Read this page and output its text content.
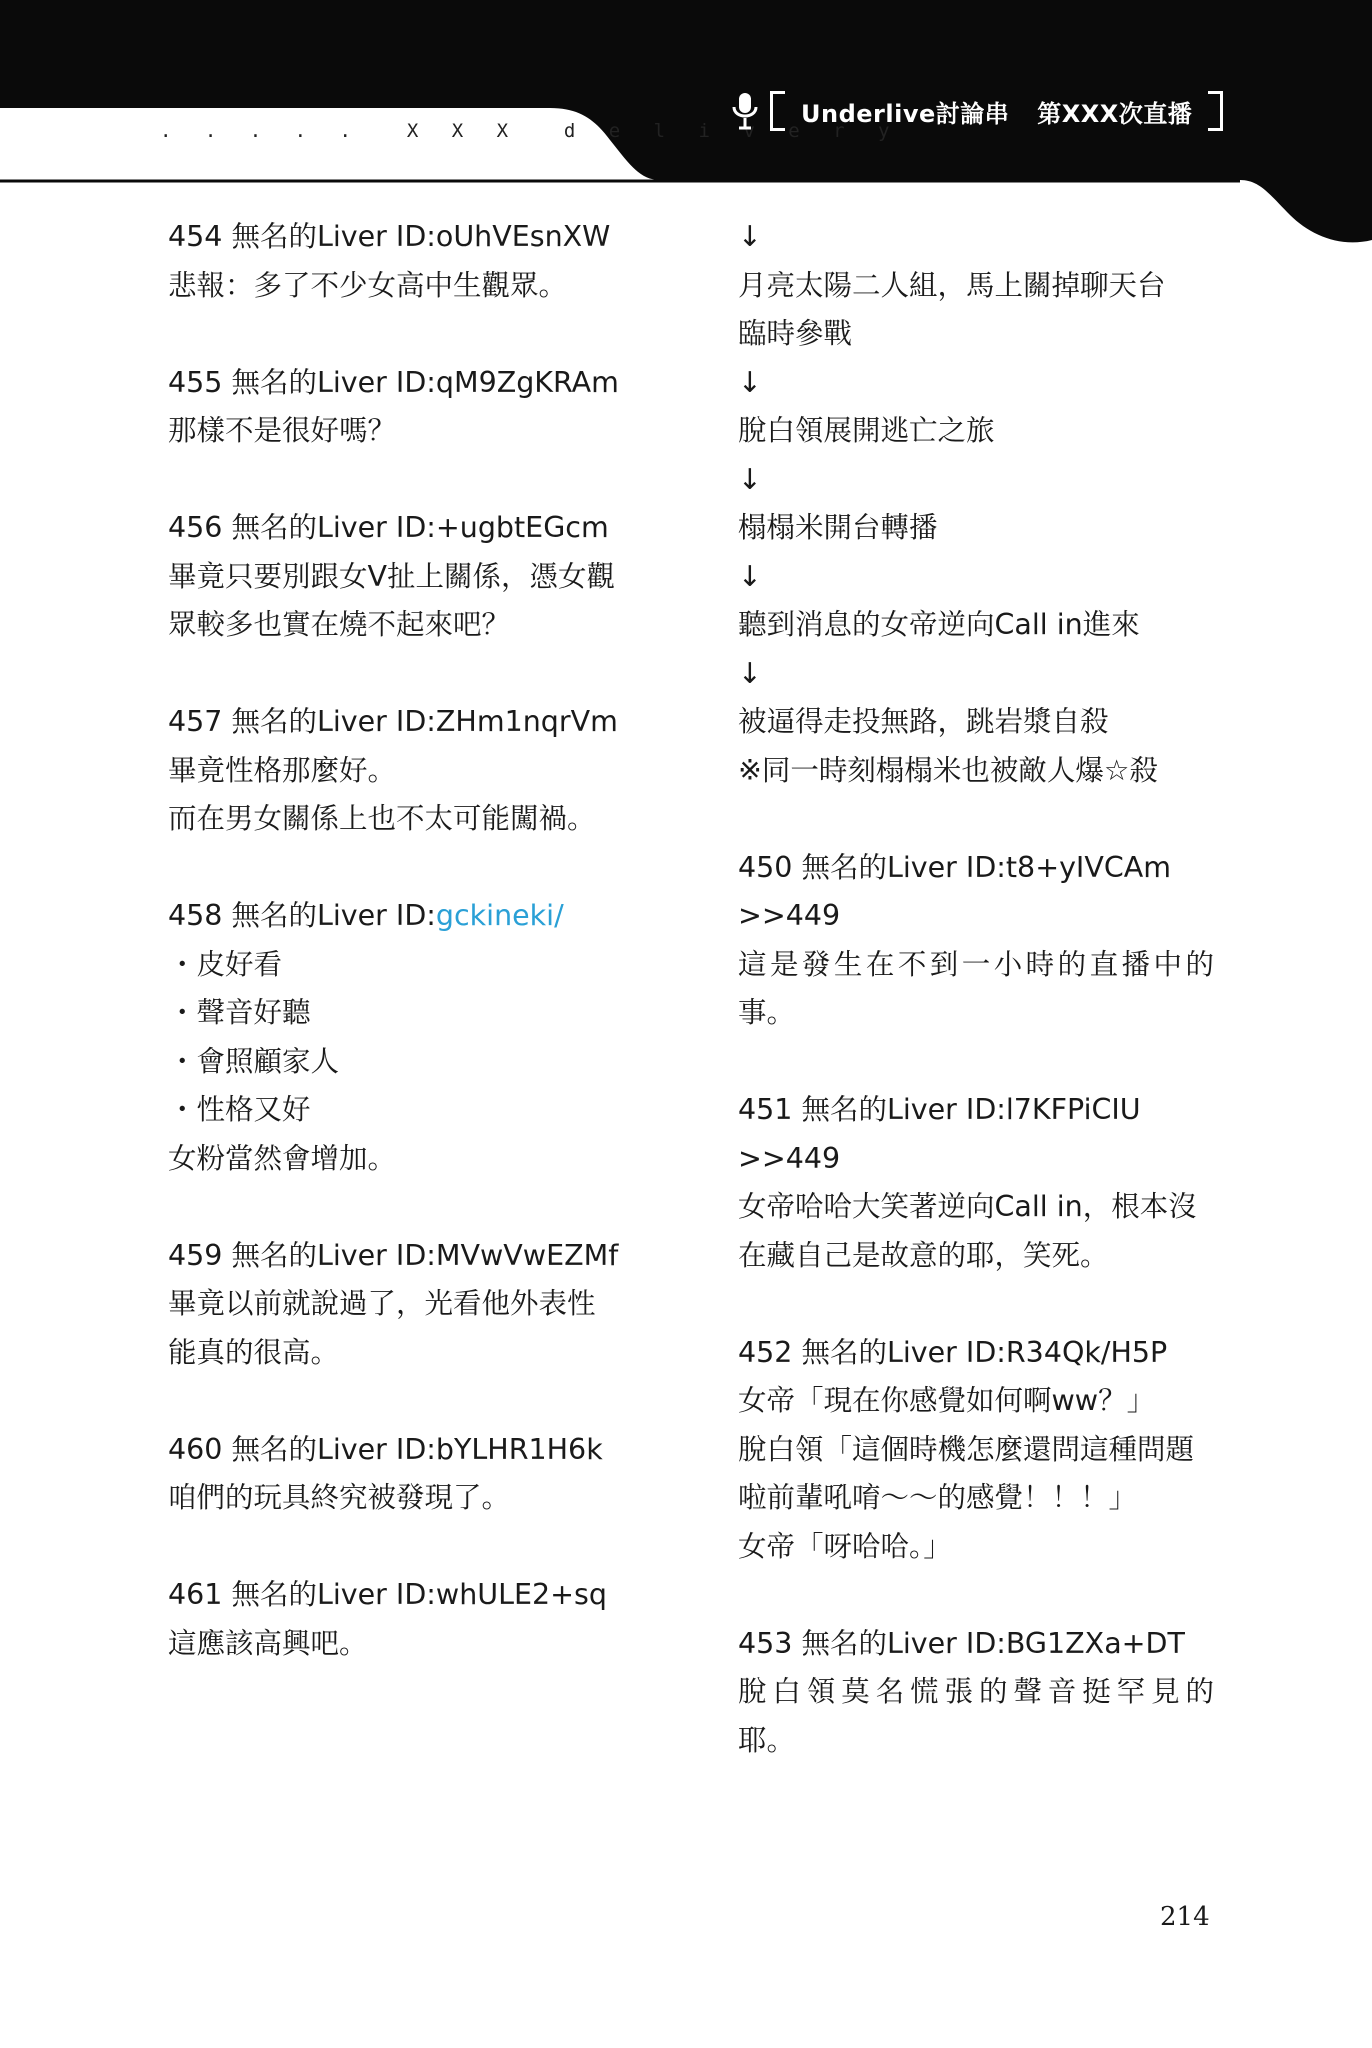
. . . . .  X X X  d e l i v e r y
Underlive討論串 第XXX次直播
454 無名的Liver ID:oUhVEsnXW
悲報：多了不少女高中生觀眾。
455 無名的Liver ID:qM9ZgKRAm
那樣不是很好嗎？
456 無名的Liver ID:+ugbtEGcm
畢竟只要別跟女V扯上關係，憑女觀
眾較多也實在燒不起來吧？
457 無名的Liver ID:ZHm1nqrVm
畢竟性格那麼好。
而在男女關係上也不太可能闖禍。
458 無名的Liver ID:gckineki/
・皮好看
・聲音好聽
・會照顧家人
・性格又好
女粉當然會增加。
459 無名的Liver ID:MVwVwEZMf
畢竟以前就說過了，光看他外表性
能真的很高。
460 無名的Liver ID:bYLHR1H6k
咱們的玩具終究被發現了。
461 無名的Liver ID:whULE2+sq
這應該高興吧。
↓
月亮太陽二人組，馬上關掉聊天台
臨時參戰
↓
脫白領展開逃亡之旅
↓
榻榻米開台轉播
↓
聽到消息的女帝逆向Call in進來
↓
被逼得走投無路，跳岩漿自殺
※同一時刻榻榻米也被敵人爆☆殺
450 無名的Liver ID:t8+yIVCAm
>>449
這是發生在不到一小時的直播中的
事。
451 無名的Liver ID:l7KFPiCIU
>>449
女帝哈哈大笑著逆向Call in，根本沒
在藏自己是故意的耶，笑死。
452 無名的Liver ID:R34Qk/H5P
女帝「現在你感覺如何啊ww？」
脫白領「這個時機怎麼還問這種問題
啦前輩吼唷～～的感覺！！！」
女帝「呀哈哈。」
453 無名的Liver ID:BG1ZXa+DT
脫白領莫名慌張的聲音挺罕見的
耶。
214
